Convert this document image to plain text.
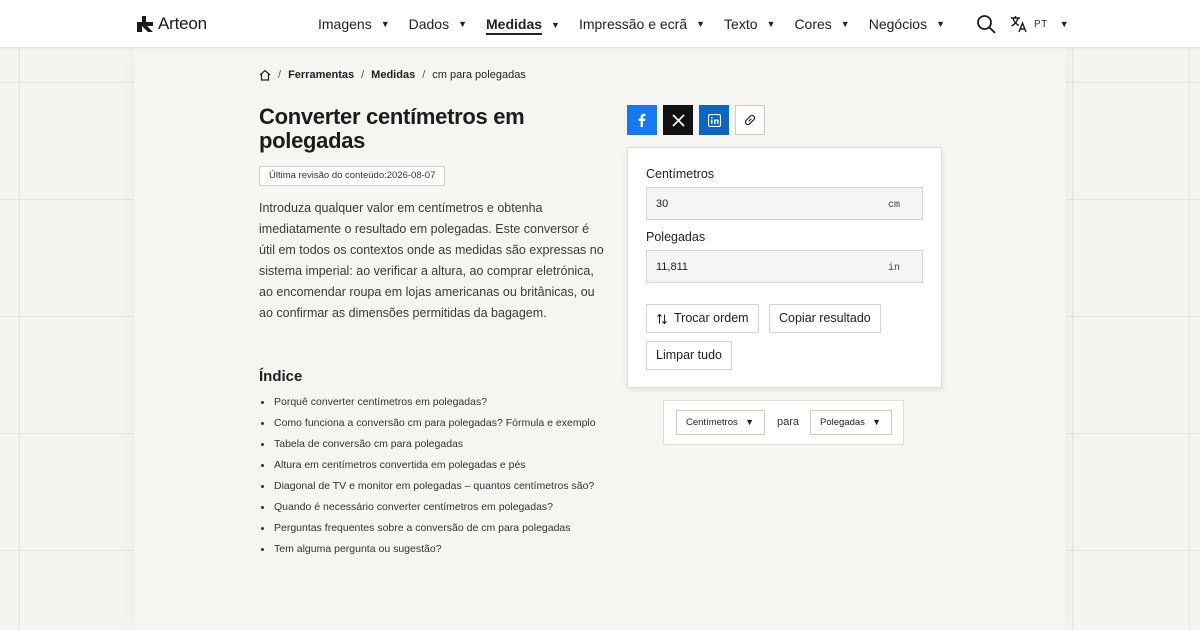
Arteon	Imagens ▼ Dados ▼ Medidas ▼ Impressão e ecrã ▼ Texto ▼ Cores ▼ Negócios ▼	PT ▼
/ Ferramentas / Medidas / cm para polegadas
Converter centímetros em polegadas
Última revisão do conteúdo:2026-08-07

Introduza qualquer valor em centímetros e obtenha imediatamente o resultado em polegadas. Este conversor é útil em todos os contextos onde as medidas são expressas no sistema imperial: ao verificar a altura, ao comprar eletrónica, ao encomendar roupa em lojas americanas ou britânicas, ou ao confirmar as dimensões permitidas da bagagem.

Índice
Porquê converter centímetros em polegadas?
Como funciona a conversão cm para polegadas? Fórmula e exemplo
Tabela de conversão cm para polegadas
Altura em centímetros convertida em polegadas e pés
Diagonal de TV e monitor em polegadas – quantos centímetros são?
Quando é necessário converter centímetros em polegadas?
Perguntas frequentes sobre a conversão de cm para polegadas
Tem alguma pergunta ou sugestão?
Centímetros
30
cm
Polegadas
11,811
in
Trocar ordem Copiar resultado
Limpar tudo
Centímetros ▼ para	Polegadas ▼
